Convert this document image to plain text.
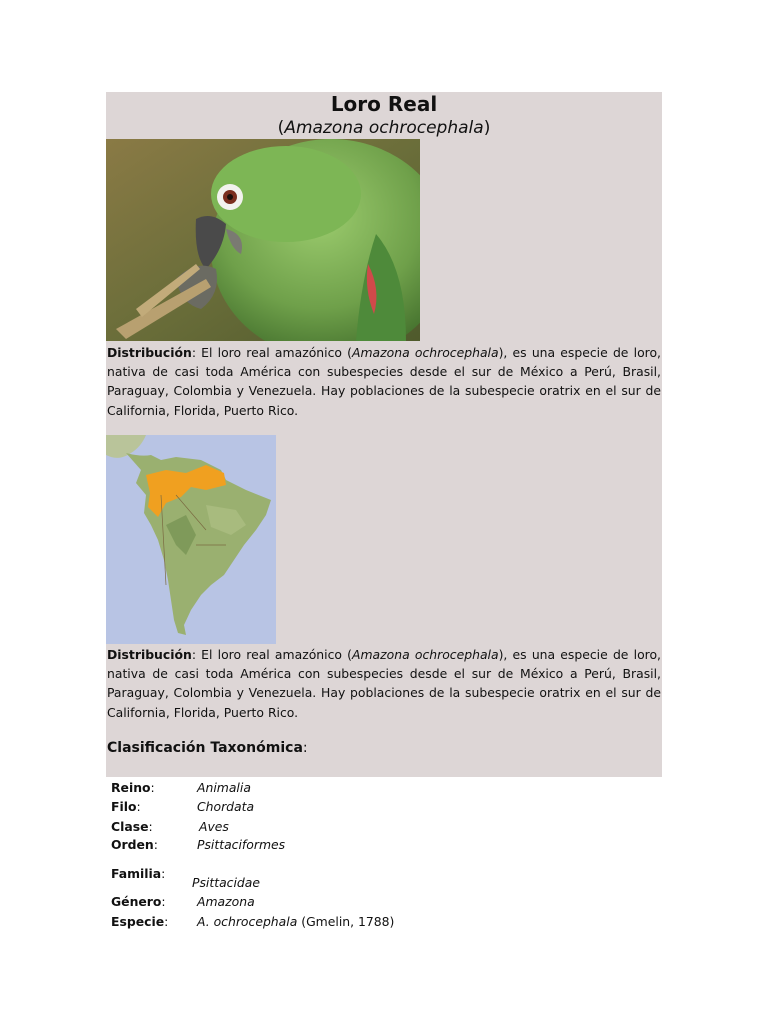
Loro Real
(Amazona ochrocephala)

Distribución: El loro real amazónico (Amazona ochrocephala), es una especie de loro, nativa de casi toda América con subespecies desde el sur de México a Perú, Brasil, Paraguay, Colombia y Venezuela. Hay poblaciones de la subespecie oratrix en el sur de California, Florida, Puerto Rico.

Distribución: El loro real amazónico (Amazona ochrocephala), es una especie de loro, nativa de casi toda América con subespecies desde el sur de México a Perú, Brasil, Paraguay, Colombia y Venezuela. Hay poblaciones de la subespecie oratrix en el sur de California, Florida, Puerto Rico.

Clasificación Taxonómica:
Reino:	Animalia
Filo:	Chordata
Clase:	Aves
Orden:	Psittaciformes
Familia:
Psittacidae
Género:	Amazona
Especie: A. ochrocephala (Gmelin, 1788)
